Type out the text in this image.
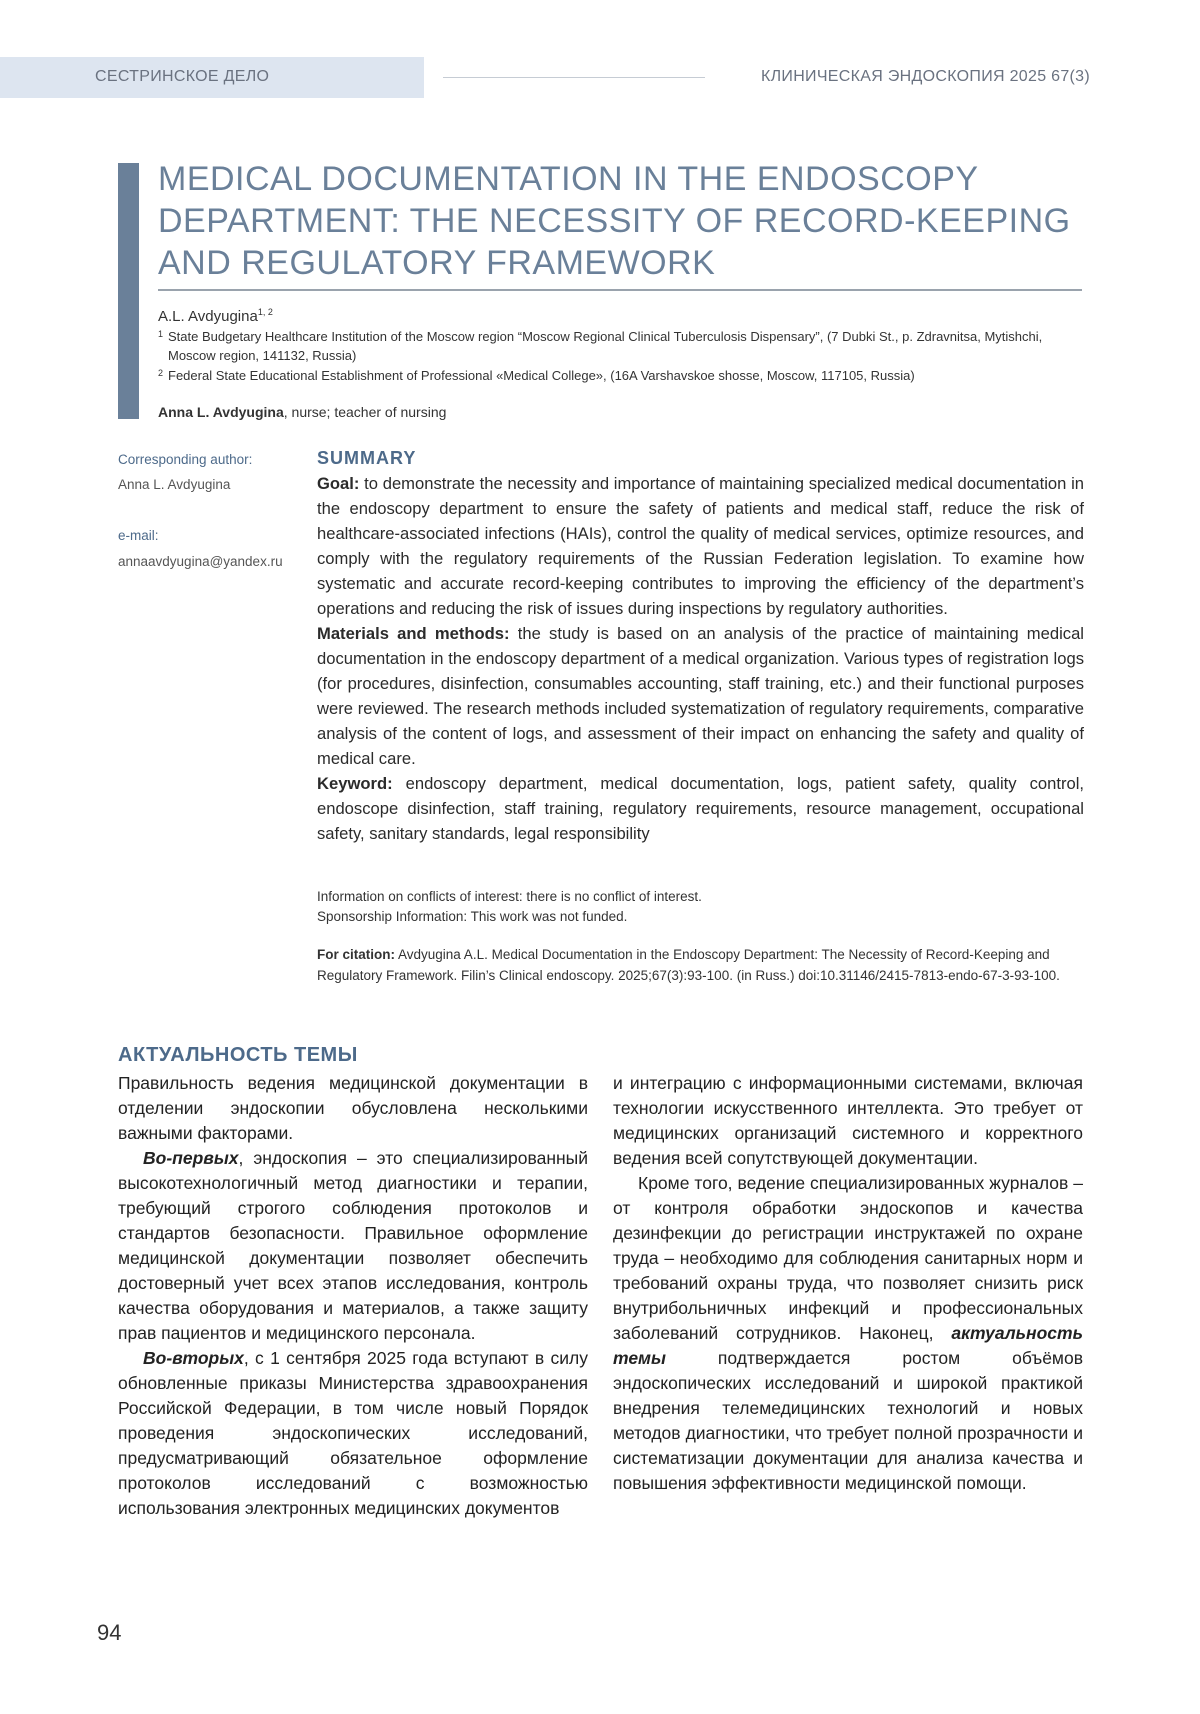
СЕСТРИНСКОЕ ДЕЛО	КЛИНИЧЕСКАЯ ЭНДОСКОПИЯ 2025 67(3)
MEDICAL DOCUMENTATION IN THE ENDOSCOPY DEPARTMENT: THE NECESSITY OF RECORD-KEEPING AND REGULATORY FRAMEWORK
A.L. Avdyugina$^{1, 2}$
1 State Budgetary Healthcare Institution of the Moscow region “Moscow Regional Clinical Tuberculosis Dispensary”, (7 Dubki St., p. Zdravnitsa, Mytishchi, Moscow region, 141132, Russia)
2 Federal State Educational Establishment of Professional «Medical College», (16A Varshavskoe shosse, Moscow, 117105, Russia)
Anna L. Avdyugina, nurse; teacher of nursing
Corresponding author:
Anna L. Avdyugina
e-mail:
annaavdyugina@yandex.ru
SUMMARY
Goal: to demonstrate the necessity and importance of maintaining specialized medical documentation in the endoscopy department to ensure the safety of patients and medical staff, reduce the risk of healthcare-associated infections (HAIs), control the quality of medical services, optimize resources, and comply with the regulatory requirements of the Russian Federation legislation. To examine how systematic and accurate record-keeping contributes to improving the efficiency of the department’s operations and reducing the risk of issues during inspections by regulatory authorities.
Materials and methods: the study is based on an analysis of the practice of maintaining medical documentation in the endoscopy department of a medical organization. Various types of registration logs (for procedures, disinfection, consumables accounting, staff training, etc.) and their functional purposes were reviewed. The research methods included systematization of regulatory requirements, comparative analysis of the content of logs, and assessment of their impact on enhancing the safety and quality of medical care.
Keyword: endoscopy department, medical documentation, logs, patient safety, quality control, endoscope disinfection, staff training, regulatory requirements, resource management, occupational safety, sanitary standards, legal responsibility
Information on conflicts of interest: there is no conflict of interest.
Sponsorship Information: This work was not funded.
For citation: Avdyugina A.L. Medical Documentation in the Endoscopy Department: The Necessity of Record-Keeping and Regulatory Framework. Filin’s Clinical endoscopy. 2025;67(3):93-100. (in Russ.) doi:10.31146/2415-7813-endo-67-3-93-100.
АКТУАЛЬНОСТЬ ТЕМЫ

Правильность ведения медицинской документации в отделении эндоскопии обусловлена несколькими важными факторами.

Во-первых, эндоскопия – это специализированный высокотехнологичный метод диагностики и терапии, требующий строгого соблюдения протоколов и стандартов безопасности. Правильное оформление медицинской документации позволяет обеспечить достоверный учет всех этапов исследования, контроль качества оборудования и материалов, а также защиту прав пациентов и медицинского персонала.

Во-вторых, с 1 сентября 2025 года вступают в силу обновленные приказы Министерства здравоохранения Российской Федерации, в том числе новый Порядок проведения эндоскопических исследований, предусматривающий обязательное оформление протоколов исследований с возможностью использования электронных медицинских документов

и интеграцию с информационными системами, включая технологии искусственного интеллекта. Это требует от медицинских организаций системного и корректного ведения всей сопутствующей документации.

Кроме того, ведение специализированных журналов – от контроля обработки эндоскопов и качества дезинфекции до регистрации инструктажей по охране труда – необходимо для соблюдения санитарных норм и требований охраны труда, что позволяет снизить риск внутрибольничных инфекций и профессиональных заболеваний сотрудников. Наконец, актуальность темы подтверждается ростом объёмов эндоскопических исследований и широкой практикой внедрения телемедицинских технологий и новых методов диагностики, что требует полной прозрачности и систематизации документации для анализа качества и повышения эффективности медицинской помощи.

94
